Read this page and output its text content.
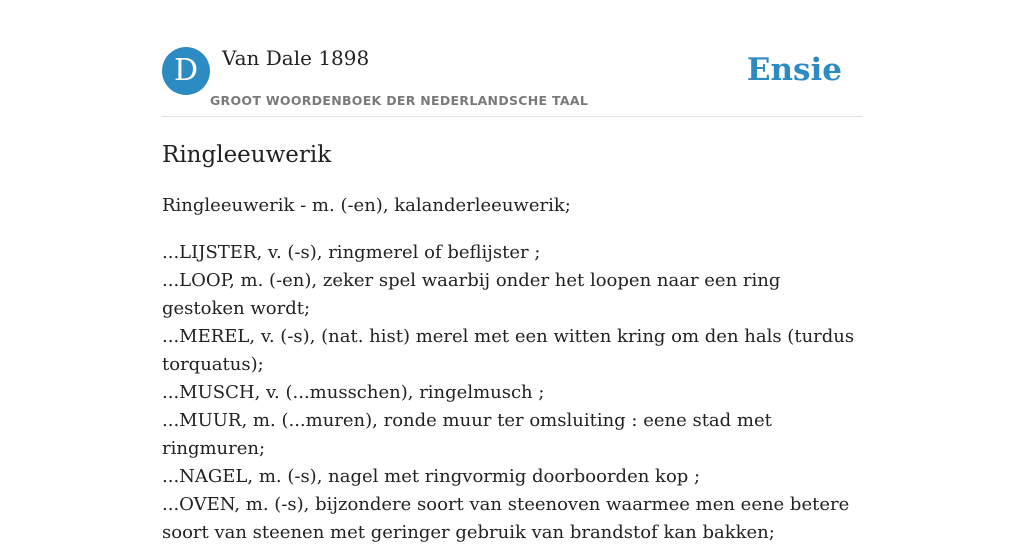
D	Van Dale 1898
GROOT WOORDENBOEK DER NEDERLANDSCHE TAAL
Ensie
Ringleeuwerik
Ringleeuwerik - m. (-en), kalanderleeuwerik;
...LIJSTER, v. (-s), ringmerel of beflijster ;
...LOOP, m. (-en), zeker spel waarbij onder het loopen naar een ring gestoken wordt;
...MEREL, v. (-s), (nat. hist) merel met een witten kring om den hals (turdus torquatus);
...MUSCH, v. (...musschen), ringelmusch ;
...MUUR, m. (...muren), ronde muur ter omsluiting : eene stad met ringmuren;
...NAGEL, m. (-s), nagel met ringvormig doorboorden kop ;
...OVEN, m. (-s), bijzondere soort van steenoven waarmee men eene betere soort van steenen met geringer gebruik van brandstof kan bakken;
